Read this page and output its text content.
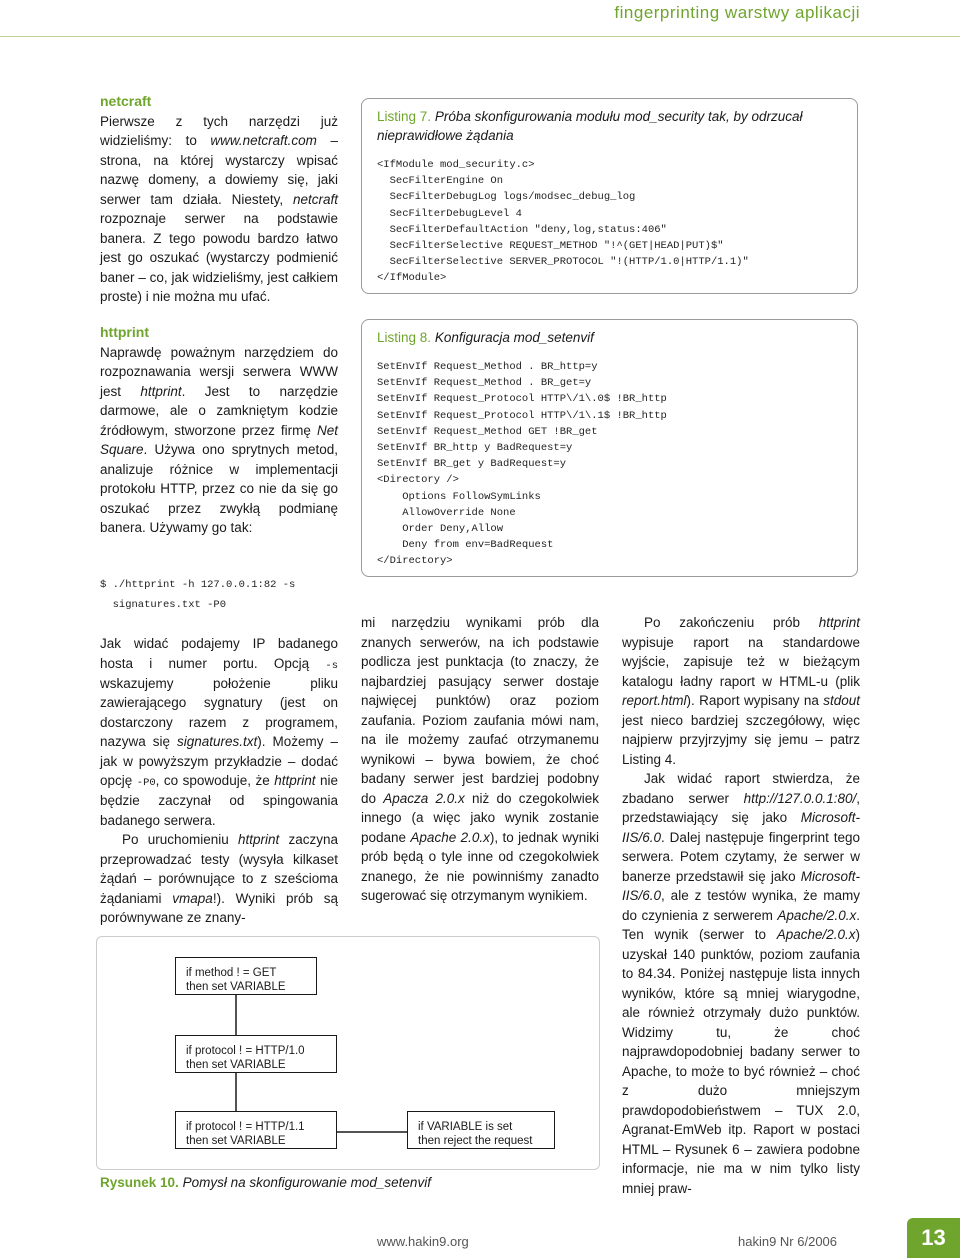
fingerprinting warstwy aplikacji

netcraft

Pierwsze z tych narzędzi już widzieliśmy: to www.netcraft.com –strona, na której wystarczy wpisać nazwę domeny, a dowiemy się, jaki serwer tam działa. Niestety, netcraft rozpoznaje serwer na podstawie banera. Z tego powodu bardzo łatwo jest go oszukać (wystarczy podmienić baner – co, jak widzieliśmy, jest całkiem proste) i nie można mu ufać.

httprint

Naprawdę poważnym narzędziem do rozpoznawania wersji serwera WWW jest httprint. Jest to narzędzie darmowe, ale o zamkniętym kodzie źródłowym, stworzone przez firmę Net Square. Używa ono sprytnych metod, analizuje różnice w implementacji protokołu HTTP, przez co nie da się go oszukać przez zwykłą podmianę banera. Używamy go tak:

$ ./httprint -h 127.0.0.1:82 -s
signatures.txt -P0

Jak widać podajemy IP badanego hosta i numer portu. Opcją -s wskazujemy położenie pliku zawierającego sygnatury (jest on dostarczony razem z programem, nazywa się signatures.txt). Możemy – jak w powyższym przykładzie – dodać opcję -P0, co spowoduje, że httprint nie będzie zaczynał od spingowania badanego serwera.

Po uruchomieniu httprint zaczyna przeprowadzać testy (wysyła kilkaset żądań – porównujące to z sześcioma żądaniami vmapa!). Wyniki prób są porównywane ze znany-

Listing 7. Próba skonfigurowania modułu mod_security tak, by odrzucał nieprawidłowe żądania
<IfModule mod_security.c>
SecFilterEngine On
SecFilterDebugLog logs/modsec_debug_log
SecFilterDebugLevel 4
SecFilterDefaultAction "deny,log,status:406"
SecFilterSelective REQUEST_METHOD "!^(GET|HEAD|PUT)$"
SecFilterSelective SERVER_PROTOCOL "!(HTTP/1.0|HTTP/1.1)"
</IfModule>
Listing 8. Konfiguracja mod_setenvif
SetEnvIf Request_Method . BR_http=y
SetEnvIf Request_Method . BR_get=y
SetEnvIf Request_Protocol HTTP\/1\.0$ !BR_http
SetEnvIf Request_Protocol HTTP\/1\.1$ !BR_http
SetEnvIf Request_Method GET !BR_get
SetEnvIf BR_http y BadRequest=y
SetEnvIf BR_get y BadRequest=y
<Directory />
Options FollowSymLinks
AllowOverride None
Order Deny,Allow
Deny from env=BadRequest
</Directory>

mi narzędziu wynikami prób dla znanych serwerów, na ich podstawie podlicza jest punktacja (to znaczy, że najbardziej pasujący serwer dostaje najwięcej punktów) oraz poziom zaufania. Poziom zaufania mówi nam, na ile możemy zaufać otrzymanemu wynikowi – bywa bowiem, że choć badany serwer jest bardziej podobny do Apacza 2.0.x niż do czegokolwiek innego (a więc jako wynik zostanie podane Apache 2.0.x), to jednak wyniki prób będą o tyle inne od czegokolwiek znanego, że nie powinniśmy zanadto sugerować się otrzymanym wynikiem.

Po zakończeniu prób httprint wypisuje raport na standardowe wyjście, zapisuje też w bieżącym katalogu ładny raport w HTML-u (plik report.html). Raport wypisany na stdout jest nieco bardziej szczegółowy, więc najpierw przyjrzyjmy się jemu – patrz Listing 4.

Jak widać raport stwierdza, że zbadano serwer http://127.0.0.1:80/, przedstawiający się jako Microsoft-IIS/6.0. Dalej następuje fingerprint tego serwera. Potem czytamy, że serwer w banerze przedstawił się jako Microsoft-IIS/6.0, ale z testów wynika, że mamy do czynienia z serwerem Apache/2.0.x. Ten wynik (serwer to Apache/2.0.x) uzyskał 140 punktów, poziom zaufania to 84.34. Poniżej następuje lista innych wyników, które są mniej wiarygodne, ale również otrzymały dużo punktów. Widzimy tu, że choć najprawdopodobniej badany serwer to Apache, to może to być również – choć z dużo mniejszym prawdopodobieństwem – TUX 2.0, Agranat-EmWeb itp. Raport w postaci HTML – Rysunek 6 – zawiera podobne informacje, nie ma w nim tylko listy mniej praw-

if method ! = GET
then set VARIABLE
if protocol ! = HTTP/1.0
then set VARIABLE
if protocol ! = HTTP/1.1
then set VARIABLE
if VARIABLE is set
then reject the request
Rysunek 10. Pomysł na skonfigurowanie mod_setenvif
www.hakin9.org	hakin9 Nr 6/2006	13
